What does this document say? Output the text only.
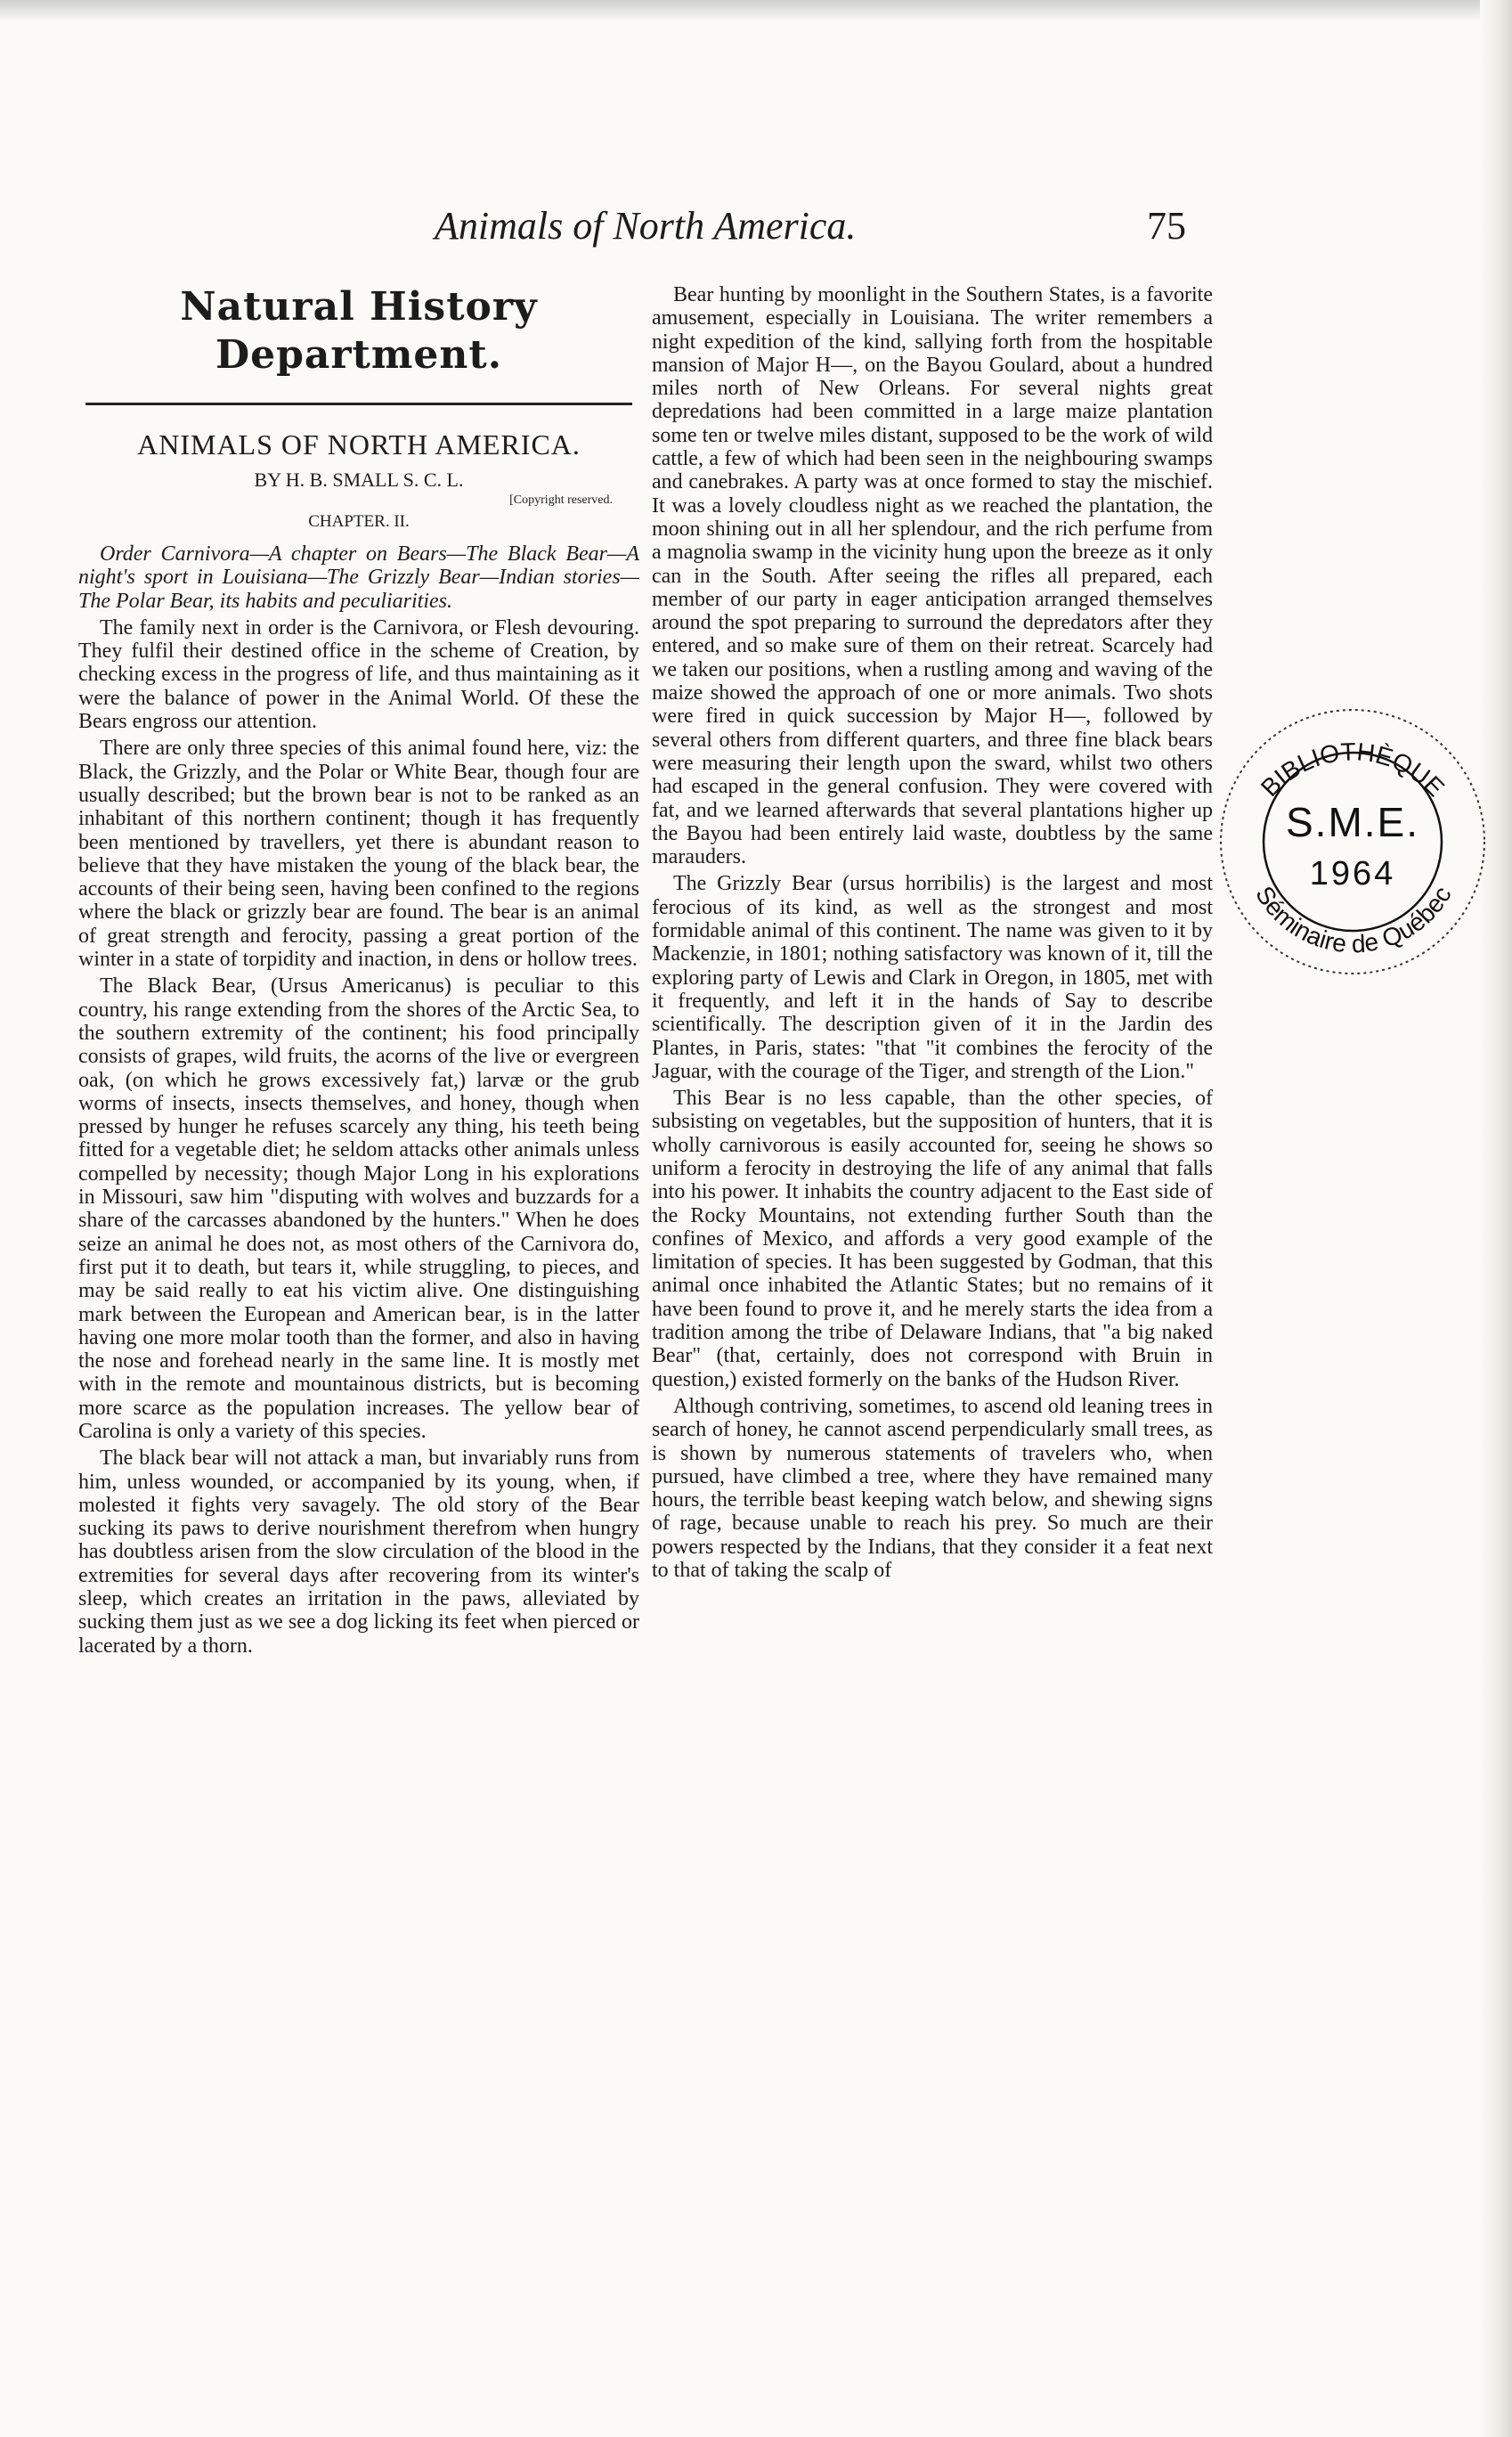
Animals of North America.	75
Natural History Department.
ANIMALS OF NORTH AMERICA.
BY H. B. SMALL S. C. L.
[Copyright reserved.
CHAPTER. II.

Order Carnivora—A chapter on Bears—The Black Bear—A night's sport in Louisiana—The Grizzly Bear—Indian stories—The Polar Bear, its habits and peculiarities.

The family next in order is the Carnivora, or Flesh devouring. They fulfil their destined office in the scheme of Creation, by checking excess in the progress of life, and thus maintaining as it were the balance of power in the Animal World. Of these the Bears engross our attention.

There are only three species of this animal found here, viz: the Black, the Grizzly, and the Polar or White Bear, though four are usually described; but the brown bear is not to be ranked as an inhabitant of this northern continent; though it has frequently been mentioned by travellers, yet there is abundant reason to believe that they have mistaken the young of the black bear, the accounts of their being seen, having been confined to the regions where the black or grizzly bear are found. The bear is an animal of great strength and ferocity, passing a great portion of the winter in a state of torpidity and inaction, in dens or hollow trees.

The Black Bear, (Ursus Americanus) is peculiar to this country, his range extending from the shores of the Arctic Sea, to the southern extremity of the continent; his food principally consists of grapes, wild fruits, the acorns of the live or evergreen oak, (on which he grows excessively fat,) larvæ or the grub worms of insects, insects themselves, and honey, though when pressed by hunger he refuses scarcely any thing, his teeth being fitted for a vegetable diet; he seldom attacks other animals unless compelled by necessity; though Major Long in his explorations in Missouri, saw him "disputing with wolves and buzzards for a share of the carcasses abandoned by the hunters." When he does seize an animal he does not, as most others of the Carnivora do, first put it to death, but tears it, while struggling, to pieces, and may be said really to eat his victim alive. One distinguishing mark between the European and American bear, is in the latter having one more molar tooth than the former, and also in having the nose and forehead nearly in the same line. It is mostly met with in the remote and mountainous districts, but is becoming more scarce as the population increases. The yellow bear of Carolina is only a variety of this species.

The black bear will not attack a man, but invariably runs from him, unless wounded, or accompanied by its young, when, if molested it fights very savagely. The old story of the Bear sucking its paws to derive nourishment therefrom when hungry has doubtless arisen from the slow circulation of the blood in the extremities for several days after recovering from its winter's sleep, which creates an irritation in the paws, alleviated by sucking them just as we see a dog licking its feet when pierced or lacerated by a thorn.

Bear hunting by moonlight in the Southern States, is a favorite amusement, especially in Louisiana. The writer remembers a night expedition of the kind, sallying forth from the hospitable mansion of Major H—, on the Bayou Goulard, about a hundred miles north of New Orleans. For several nights great depredations had been committed in a large maize plantation some ten or twelve miles distant, supposed to be the work of wild cattle, a few of which had been seen in the neighbouring swamps and canebrakes. A party was at once formed to stay the mischief. It was a lovely cloudless night as we reached the plantation, the moon shining out in all her splendour, and the rich perfume from a magnolia swamp in the vicinity hung upon the breeze as it only can in the South. After seeing the rifles all prepared, each member of our party in eager anticipation arranged themselves around the spot preparing to surround the depredators after they entered, and so make sure of them on their retreat. Scarcely had we taken our positions, when a rustling among and waving of the maize showed the approach of one or more animals. Two shots were fired in quick succession by Major H—, followed by several others from different quarters, and three fine black bears were measuring their length upon the sward, whilst two others had escaped in the general confusion. They were covered with fat, and we learned afterwards that several plantations higher up the Bayou had been entirely laid waste, doubtless by the same marauders.

The Grizzly Bear (ursus horribilis) is the largest and most ferocious of its kind, as well as the strongest and most formidable animal of this continent. The name was given to it by Mackenzie, in 1801; nothing satisfactory was known of it, till the exploring party of Lewis and Clark in Oregon, in 1805, met with it frequently, and left it in the hands of Say to describe scientifically. The description given of it in the Jardin des Plantes, in Paris, states: "that "it combines the ferocity of the Jaguar, with the courage of the Tiger, and strength of the Lion."

This Bear is no less capable, than the other species, of subsisting on vegetables, but the supposition of hunters, that it is wholly carnivorous is easily accounted for, seeing he shows so uniform a ferocity in destroying the life of any animal that falls into his power. It inhabits the country adjacent to the East side of the Rocky Mountains, not extending further South than the confines of Mexico, and affords a very good example of the limitation of species. It has been suggested by Godman, that this animal once inhabited the Atlantic States; but no remains of it have been found to prove it, and he merely starts the idea from a tradition among the tribe of Delaware Indians, that "a big naked Bear" (that, certainly, does not correspond with Bruin in question,) existed formerly on the banks of the Hudson River.

Although contriving, sometimes, to ascend old leaning trees in search of honey, he cannot ascend perpendicularly small trees, as is shown by numerous statements of travelers who, when pursued, have climbed a tree, where they have remained many hours, the terrible beast keeping watch below, and shewing signs of rage, because unable to reach his prey. So much are their powers respected by the Indians, that they consider it a feat next to that of taking the scalp of

BIBLIOTHÈQUE
Séminaire de Québec
S.M.E.
1964
